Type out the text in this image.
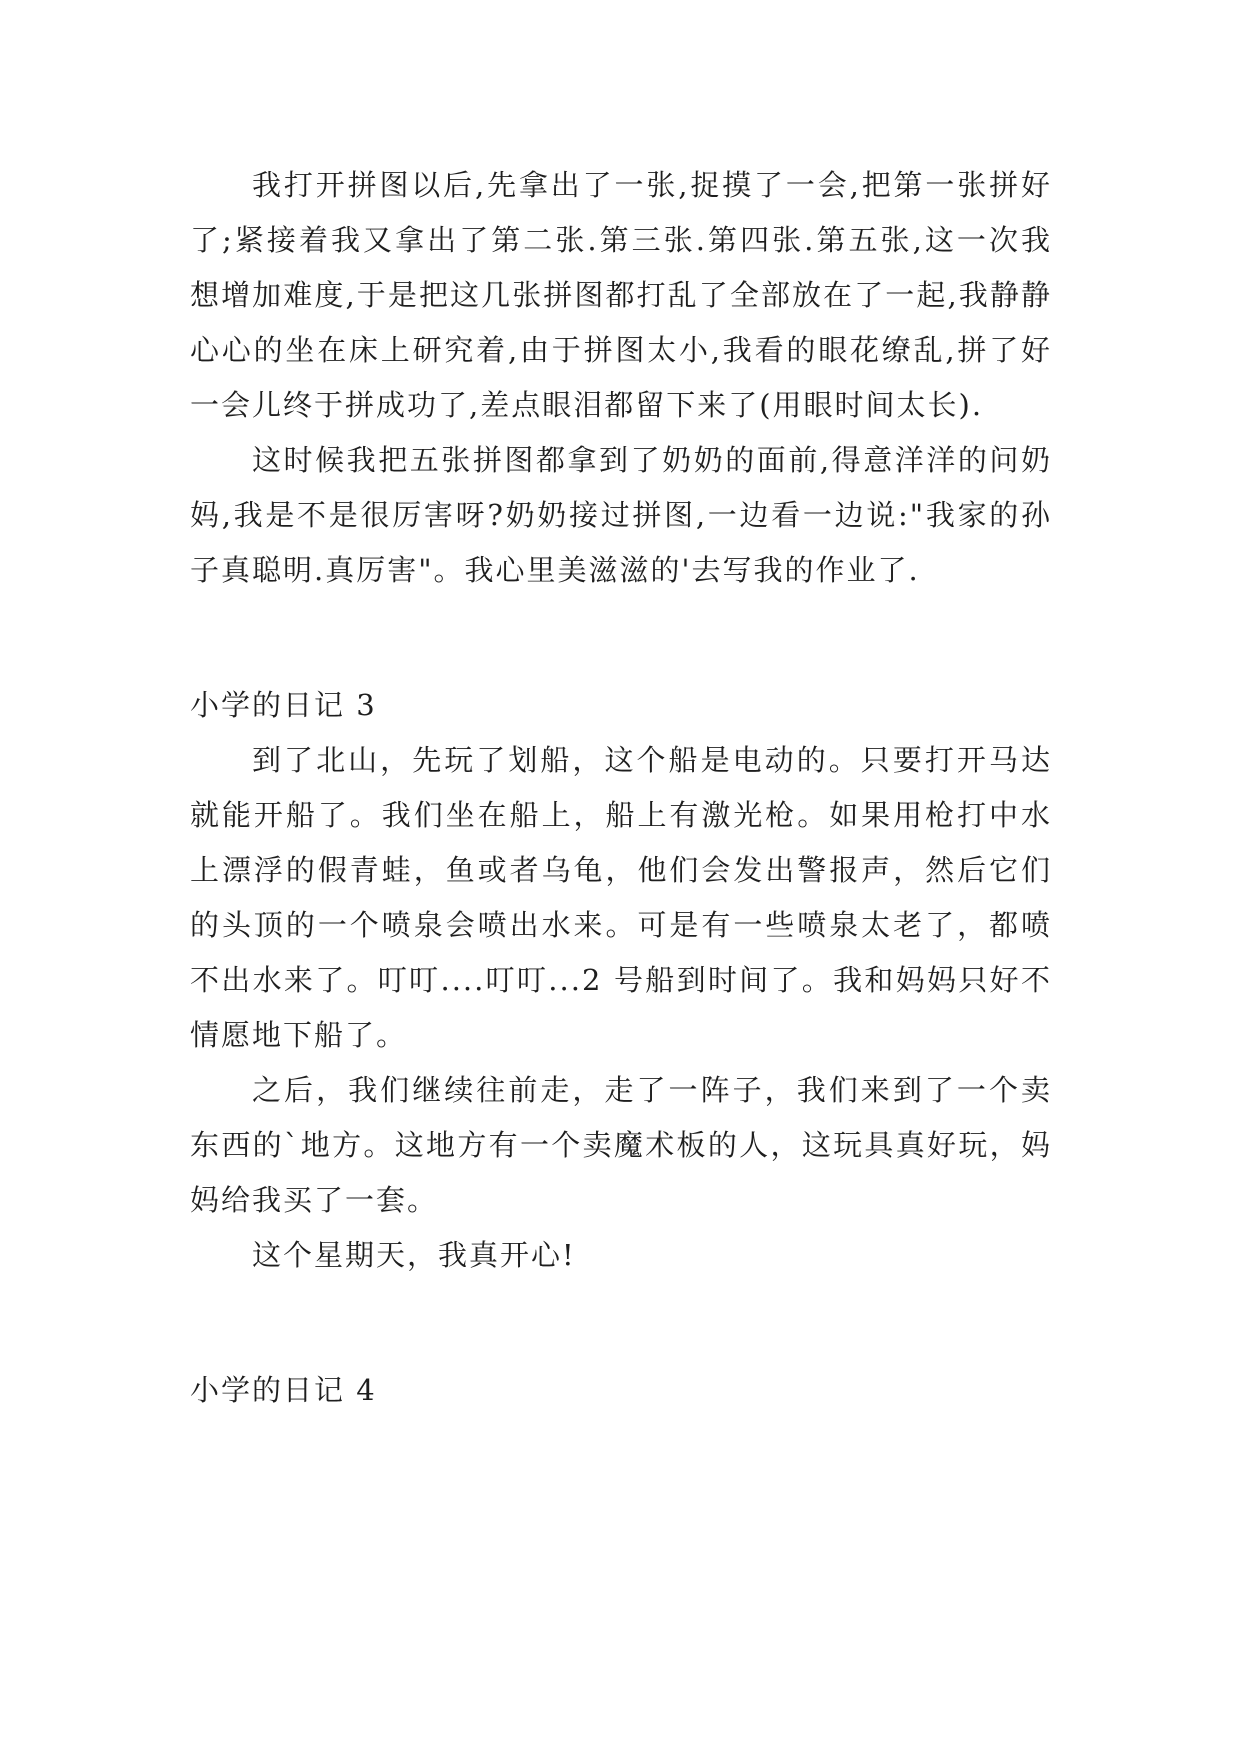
我打开拼图以后,先拿出了一张,捉摸了一会,把第一张拼好了;紧接着我又拿出了第二张.第三张.第四张.第五张,这一次我想增加难度,于是把这几张拼图都打乱了全部放在了一起,我静静心心的坐在床上研究着,由于拼图太小,我看的眼花缭乱,拼了好一会儿终于拼成功了,差点眼泪都留下来了(用眼时间太长).

这时候我把五张拼图都拿到了奶奶的面前,得意洋洋的问奶妈,我是不是很厉害呀?奶奶接过拼图,一边看一边说:"我家的孙子真聪明.真厉害"。我心里美滋滋的'去写我的作业了.

小学的日记 3

到了北山，先玩了划船，这个船是电动的。只要打开马达就能开船了。我们坐在船上，船上有激光枪。如果用枪打中水上漂浮的假青蛙，鱼或者乌龟，他们会发出警报声，然后它们的头顶的一个喷泉会喷出水来。可是有一些喷泉太老了，都喷不出水来了。叮叮....叮叮...2 号船到时间了。我和妈妈只好不情愿地下船了。

之后，我们继续往前走，走了一阵子，我们来到了一个卖东西的`地方。这地方有一个卖魔术板的人，这玩具真好玩，妈妈给我买了一套。

这个星期天，我真开心!

小学的日记 4
